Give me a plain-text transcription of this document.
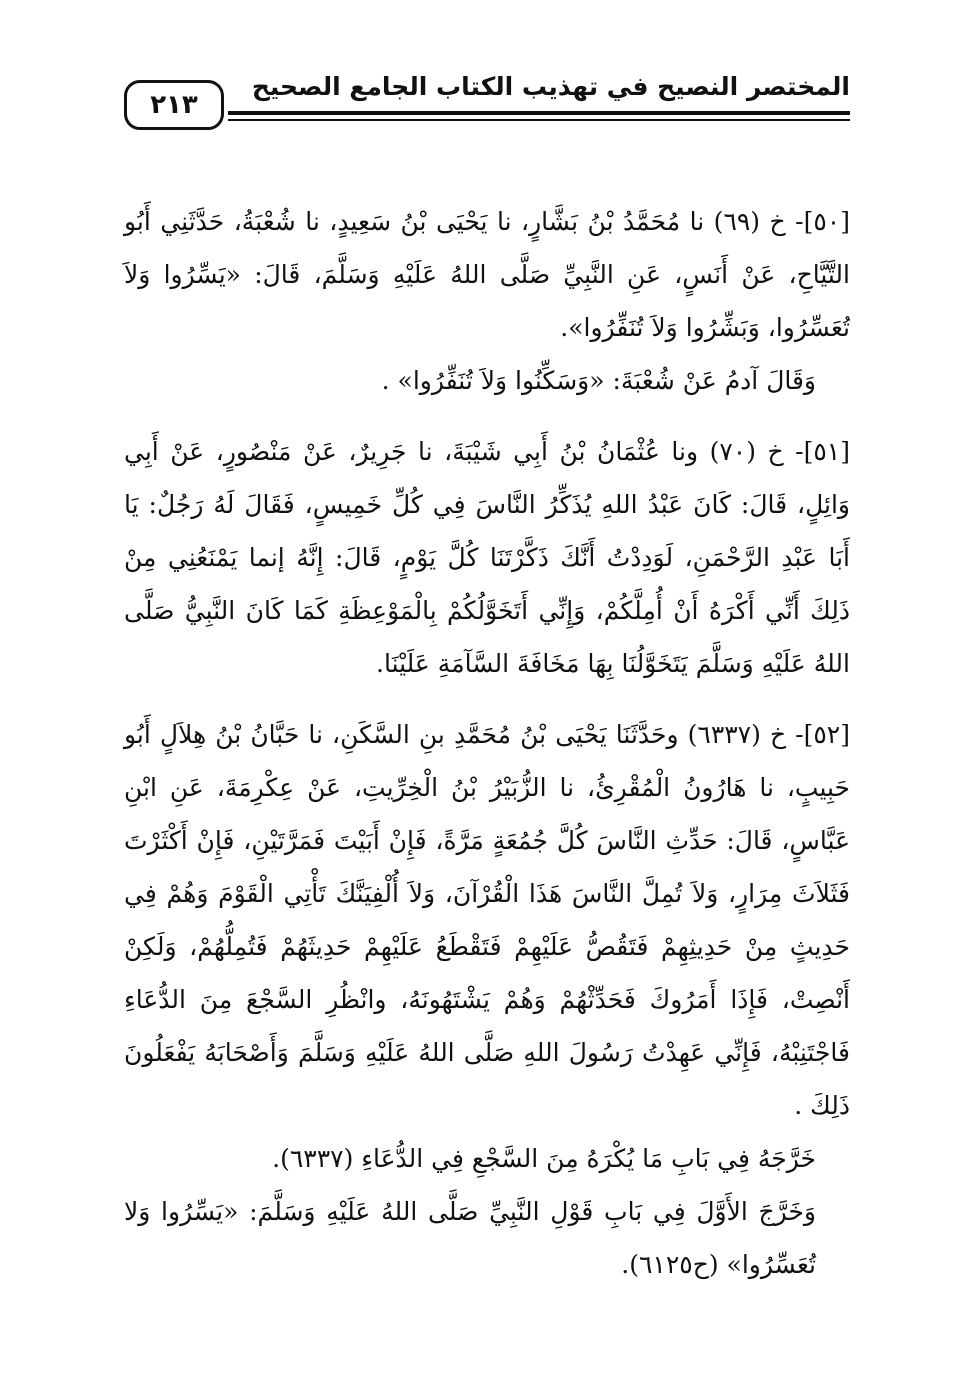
المختصر النصيح في تهذيب الكتاب الجامع الصحيح
٢١٣

[٥٠]- خ (٦٩) نا مُحَمَّدُ بْنُ بَشَّارٍ، نا يَحْيَى بْنُ سَعِيدٍ، نا شُعْبَةُ، حَدَّثَنِي أَبُو التَّيَّاحِ، عَنْ أَنَسٍ، عَنِ النَّبِيِّ صَلَّى اللهُ عَلَيْهِ وَسَلَّمَ، قَالَ: «يَسِّرُوا وَلاَ تُعَسِّرُوا، وَبَشِّرُوا وَلاَ تُنَفِّرُوا».

وَقَالَ آدمُ عَنْ شُعْبَةَ: «وَسَكِّنُوا وَلاَ تُنَفِّرُوا» .

[٥١]- خ (٧٠) ونا عُثْمَانُ بْنُ أَبِي شَيْبَةَ، نا جَرِيرٌ، عَنْ مَنْصُورٍ، عَنْ أَبِي وَائِلٍ، قَالَ: كَانَ عَبْدُ اللهِ يُذَكِّرُ النَّاسَ فِي كُلِّ خَمِيسٍ، فَقَالَ لَهُ رَجُلٌ: يَا أَبَا عَبْدِ الرَّحْمَنِ، لَوَدِدْتُ أَنَّكَ ذَكَّرْتَنَا كُلَّ يَوْمٍ، قَالَ: إِنَّهُ إنما يَمْنَعُنِي مِنْ ذَلِكَ أَنِّي أَكْرَهُ أَنْ أُمِلَّكُمْ، وَإِنِّي أَتَخَوَّلُكُمْ بِالْمَوْعِظَةِ كَمَا كَانَ النَّبِيُّ صَلَّى اللهُ عَلَيْهِ وَسَلَّمَ يَتَخَوَّلُنَا بِهَا مَخَافَةَ السَّآمَةِ عَلَيْنَا.

[٥٢]- خ (٦٣٣٧) وحَدَّثَنَا يَحْيَى بْنُ مُحَمَّدِ بنِ السَّكَنِ، نا حَبَّانُ بْنُ هِلاَلٍ أَبُو حَبِيبٍ، نا هَارُونُ الْمُقْرِئُ، نا الزُّبَيْرُ بْنُ الْخِرِّيتِ، عَنْ عِكْرِمَةَ، عَنِ ابْنِ عَبَّاسٍ، قَالَ: حَدِّثِ النَّاسَ كُلَّ جُمُعَةٍ مَرَّةً، فَإِنْ أَبَيْتَ فَمَرَّتَيْنِ، فَإِنْ أَكْثَرْتَ فَثَلاَثَ مِرَارٍ، وَلاَ تُمِلَّ النَّاسَ هَذَا الْقُرْآنَ، وَلاَ أُلْفِيَنَّكَ تَأْتِي الْقَوْمَ وَهُمْ فِي حَدِيثٍ مِنْ حَدِيثِهِمْ فَتَقُصُّ عَلَيْهِمْ فَتَقْطَعُ عَلَيْهِمْ حَدِيثَهُمْ فَتُمِلُّهُمْ، وَلَكِنْ أَنْصِتْ، فَإِذَا أَمَرُوكَ فَحَدِّثْهُمْ وَهُمْ يَشْتَهُونَهُ، وانْظُرِ السَّجْعَ مِنَ الدُّعَاءِ فَاجْتَنِبْهُ، فَإِنِّي عَهِدْتُ رَسُولَ اللهِ صَلَّى اللهُ عَلَيْهِ وَسَلَّمَ وَأَصْحَابَهُ يَفْعَلُونَ ذَلِكَ .

خَرَّجَهُ فِي بَابِ مَا يُكْرَهُ مِنَ السَّجْعِ فِي الدُّعَاءِ (٦٣٣٧).

وَخَرَّجَ الأَوَّلَ فِي بَابِ قَوْلِ النَّبِيِّ صَلَّى اللهُ عَلَيْهِ وَسَلَّمَ: «يَسِّرُوا وَلا تُعَسِّرُوا» (ح٦١٢٥).
